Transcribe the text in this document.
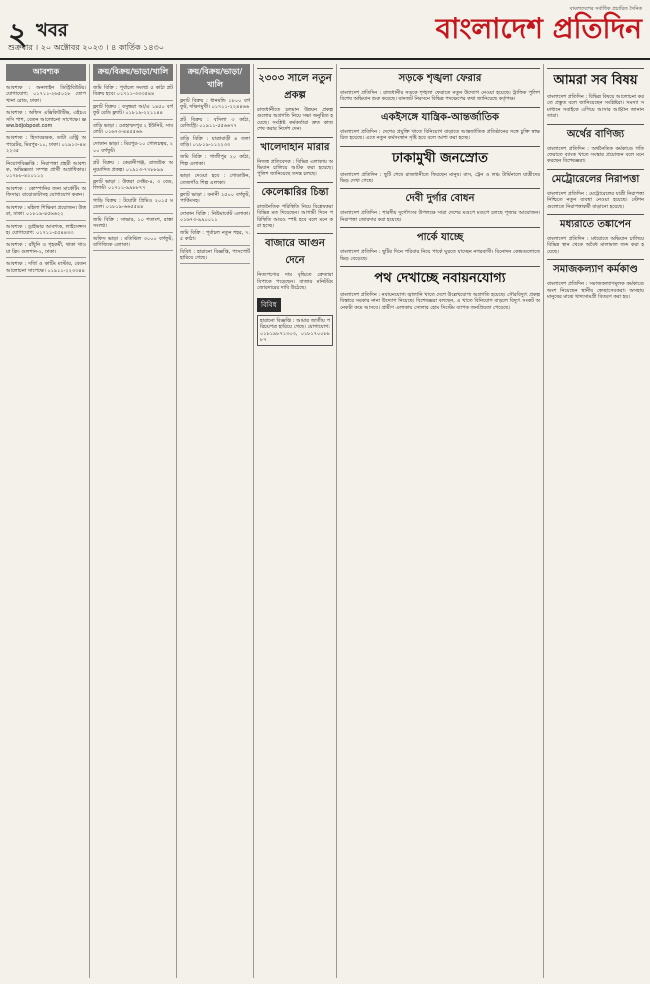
২ খবর
শুক্রবার । ২০ অক্টোবর ২০২৩ । ৪ কার্তিক ১৪৩০
বাংলাদেশের সর্বাধিক প্রচারিত দৈনিক
বাংলাদেশ প্রতিদিন
আবশ্যক
আবশ্যক : অনলাইন ডিস্ট্রিবিউটর। যোগাযোগ: ০১৭১১-২৬৫০২৮ তোপখানা রোড, ঢাকা।
আবশ্যক : অফিস এক্সিকিউটিভ, এইচএসসি পাশ, বেতন আলোচনা সাপেক্ষে। www.bdjobpost.com
আবশ্যক : হিসাবরক্ষক, ডাটা এন্ট্রি অপারেটর, মিরপুর-১০, ঢাকা। ০১৯১৩-৪৪২২৩৫
নিয়োগবিজ্ঞপ্তি : নিরাপত্তা প্রহরী আবশ্যক, অভিজ্ঞতা সম্পন্ন প্রার্থী অগ্রাধিকার। ০১৭৮৮-৪২০১১২
আবশ্যক : কোম্পানির জন্য মার্কেটিং অফিসার। বায়োডাটাসহ যোগাযোগ করুন।
আবশ্যক : মহিলা শিক্ষিকা প্রয়োজন। উত্তরা, ঢাকা। ০১৮১৯-৪৫৬৬২২
আবশ্যক : ড্রাইভার আবশ্যক, লাইসেন্সসহ। যোগাযোগ: ০১৭১১-৫৫৪৪৩৩
আবশ্যক : রাঁধুনি ও গৃহকর্মী, থাকা খাওয়া ফ্রি। গুলশান-২, ঢাকা।
আবশ্যক : দর্জি ও কাটিং মাস্টার, বেতন আলোচনা সাপেক্ষে। ০১৯১১-২২৩৩৪৪
ক্রয়/বিক্রয়/ভাড়া/খালি
জমি বিক্রি : পূর্বাচল সংলগ্ন ৫ কাঠা প্লট বিক্রয় হবে। ০১৭১১-৩৩৩৫৪৪
ফ্ল্যাট বিক্রয় : বসুন্ধরা আ/এ ১৪৫০ বর্গফুট রেডি ফ্ল্যাট। ০১৮১৯-২২১১৪৪
বাড়ি ভাড়া : মোহাম্মদপুর ২ ইউনিট, সাবলেট। ০১৬৭৩-৪৪৫৫৬৬
দোকান ভাড়া : মিরপুর-১০ গোলচত্বর, ২০০ বর্গফুট।
প্লট বিক্রয় : কেরানীগঞ্জ, রাজউক অনুমোদিত প্রকল্প। ০১৯১৩-৭৭৮৮৯৯
ফ্ল্যাট ভাড়া : উত্তরা সেক্টর-৪, ৩ বেড, লিফট। ০১৭১১-৯৯৮৮৭৭
গাড়ি বিক্রয় : টয়োটা প্রিমিও ২০১৫ মডেল। ০১৮১৯-৬৬৫৫৪৪
জমি বিক্রি : সাভার, ১০ শতাংশ, রাস্তা সংলগ্ন।
অফিস ভাড়া : মতিঝিল ৩০০০ বর্গফুট, বাণিজ্যিক এলাকা।
ক্রয়/বিক্রয়/ভাড়া/খালি
ফ্ল্যাট বিক্রয় : ধানমন্ডি ১৮০০ বর্গফুট, দক্ষিণমুখী। ০১৭১১-২২৪৪৬৬
প্লট বিক্রয় : বসিলা ৩ কাঠা, রেজিস্ট্রি। ০১৯১১-৫৫৬৬৭৭
বাড়ি বিক্রি : যাত্রাবাড়ী ৪ তলা বাড়ি। ০১৮১৯-১১২২৩৩
জমি বিক্রি : গাজীপুর ২০ কাঠা, শিল্প এলাকা।
ভাড়া দেওয়া হবে : গোডাউন, তেজগাঁও শিল্প এলাকা।
ফ্ল্যাট ভাড়া : বনানী ২৫০০ বর্গফুট, পার্কিংসহ।
দোকান বিক্রি : নিউমার্কেট এলাকা। ০১৬৭৩-৯৯০০১১
জমি বিক্রি : পূর্বাচল নতুন শহর, ৭.৫ কাঠা।
বিবিধ : হারানো বিজ্ঞপ্তি, পাসপোর্ট হারিয়ে গেছে।
২৩০৩ সালে নতুন প্রকল্প
রাজধানীতে চলমান উন্নয়ন প্রকল্পগুলোর অগ্রগতি নিয়ে সভা অনুষ্ঠিত হয়েছে। সংশ্লিষ্ট কর্মকর্তারা দ্রুত কাজ শেষ করার নির্দেশ দেন।
খালেদাহান মারার
নিজস্ব প্রতিবেদক : বিভিন্ন এলাকায় অভিযান চালিয়ে আটক করা হয়েছে। পুলিশ জানিয়েছে তদন্ত চলছে।
কেলেঙ্কারির চিন্তা
রাজনৈতিক পরিস্থিতি নিয়ে বিশ্লেষকরা বিভিন্ন মত দিয়েছেন। আগামী দিনে পরিস্থিতি আরও স্পষ্ট হবে বলে মনে করা হচ্ছে।
বাজারে আগুন দেনে
নিত্যপণ্যের দাম বৃদ্ধিতে ক্রেতারা বিপাকে পড়েছেন। বাজার মনিটরিং জোরদারের দাবি উঠেছে।
বিবিধ
হারানো বিজ্ঞপ্তি : আমার জাতীয় পরিচয়পত্র হারিয়ে গেছে। যোগাযোগ: ০১৮১৯৮৭১৩০৩, ০১৮১৭০০৮৮৮৭
সড়কে শৃঙ্খলা ফেরার
বাংলাদেশ প্রতিদিন : রাজধানীর সড়কে শৃঙ্খলা ফেরাতে নতুন উদ্যোগ নেওয়া হয়েছে। ট্রাফিক পুলিশ বিশেষ অভিযান শুরু করেছে। যানজট নিরসনে বিভিন্ন পদক্ষেপের কথা জানিয়েছে কর্তৃপক্ষ।
একইসঙ্গে যান্ত্রিক-আন্তর্জাতিক
বাংলাদেশ প্রতিদিন : দেশের প্রযুক্তি খাতে বিনিয়োগ বাড়াতে আন্তর্জাতিক প্রতিষ্ঠানের সঙ্গে চুক্তি স্বাক্ষরিত হয়েছে। এতে নতুন কর্মসংস্থান সৃষ্টি হবে বলে আশা করা হচ্ছে।
ঢাকামুখী জনস্রোত
বাংলাদেশ প্রতিদিন : ছুটি শেষে রাজধানীতে ফিরছেন মানুষ। বাস, ট্রেন ও লঞ্চ টার্মিনালে যাত্রীদের ভিড় দেখা গেছে।
দেবী দুর্গার বোধন
বাংলাদেশ প্রতিদিন : শারদীয় দুর্গোৎসব উপলক্ষে সারা দেশের মণ্ডপে মণ্ডপে চলছে পূজার আয়োজন। নিরাপত্তা জোরদার করা হয়েছে।
পার্কে যাচ্ছে
বাংলাদেশ প্রতিদিন : ছুটির দিনে পরিবার নিয়ে পার্কে ঘুরতে যাচ্ছেন নগরবাসী। বিনোদন কেন্দ্রগুলোতে ভিড় বেড়েছে।
পথ দেখাচ্ছে নবায়নযোগ্য
বাংলাদেশ প্রতিদিন : নবায়নযোগ্য জ্বালানি খাতে দেশে উল্লেখযোগ্য অগ্রগতি হয়েছে। সৌরবিদ্যুৎ প্রকল্প বিস্তারে সরকার নানা উদ্যোগ নিয়েছে। বিশেষজ্ঞরা বলছেন, এ খাতে বিনিয়োগ বাড়লে বিদ্যুৎ সংকট অনেকটা কমে আসবে। গ্রামীণ এলাকায় সোলার হোম সিস্টেম ব্যাপক জনপ্রিয়তা পেয়েছে।
আমরা সব বিষয়
বাংলাদেশ প্রতিদিন : বিভিন্ন বিষয়ে আলোচনা করতে প্রস্তুত বলে জানিয়েছেন সংশ্লিষ্টরা। সমস্যা সমাধানে সবাইকে এগিয়ে আসার আহ্বান জানান তারা।
অর্থের বাণিজ্য
বাংলাদেশ প্রতিদিন : অর্থনৈতিক কর্মকাণ্ডে গতি ফেরাতে ব্যাংক খাতে সংস্কার প্রয়োজন বলে মনে করছেন বিশেষজ্ঞরা।
মেট্রোরেলের নিরাপত্তা
বাংলাদেশ প্রতিদিন : মেট্রোরেলের যাত্রী নিরাপত্তা নিশ্চিতে নতুন ব্যবস্থা নেওয়া হয়েছে। স্টেশনগুলোতে নিরাপত্তাকর্মী বাড়ানো হয়েছে।
মধ্যরাতে তঙ্কাপেন
বাংলাদেশ প্রতিদিন : মধ্যরাতে অভিযান চালিয়ে বিভিন্ন স্থান থেকে অবৈধ মালামাল জব্দ করা হয়েছে।
সমাজকল্যাণ কর্মকাণ্ড
বাংলাদেশ প্রতিদিন : সমাজকল্যাণমূলক কর্মকাণ্ডে অংশ নিয়েছেন স্থানীয় স্বেচ্ছাসেবকরা। অসহায় মানুষের মাঝে খাদ্যসামগ্রী বিতরণ করা হয়।
